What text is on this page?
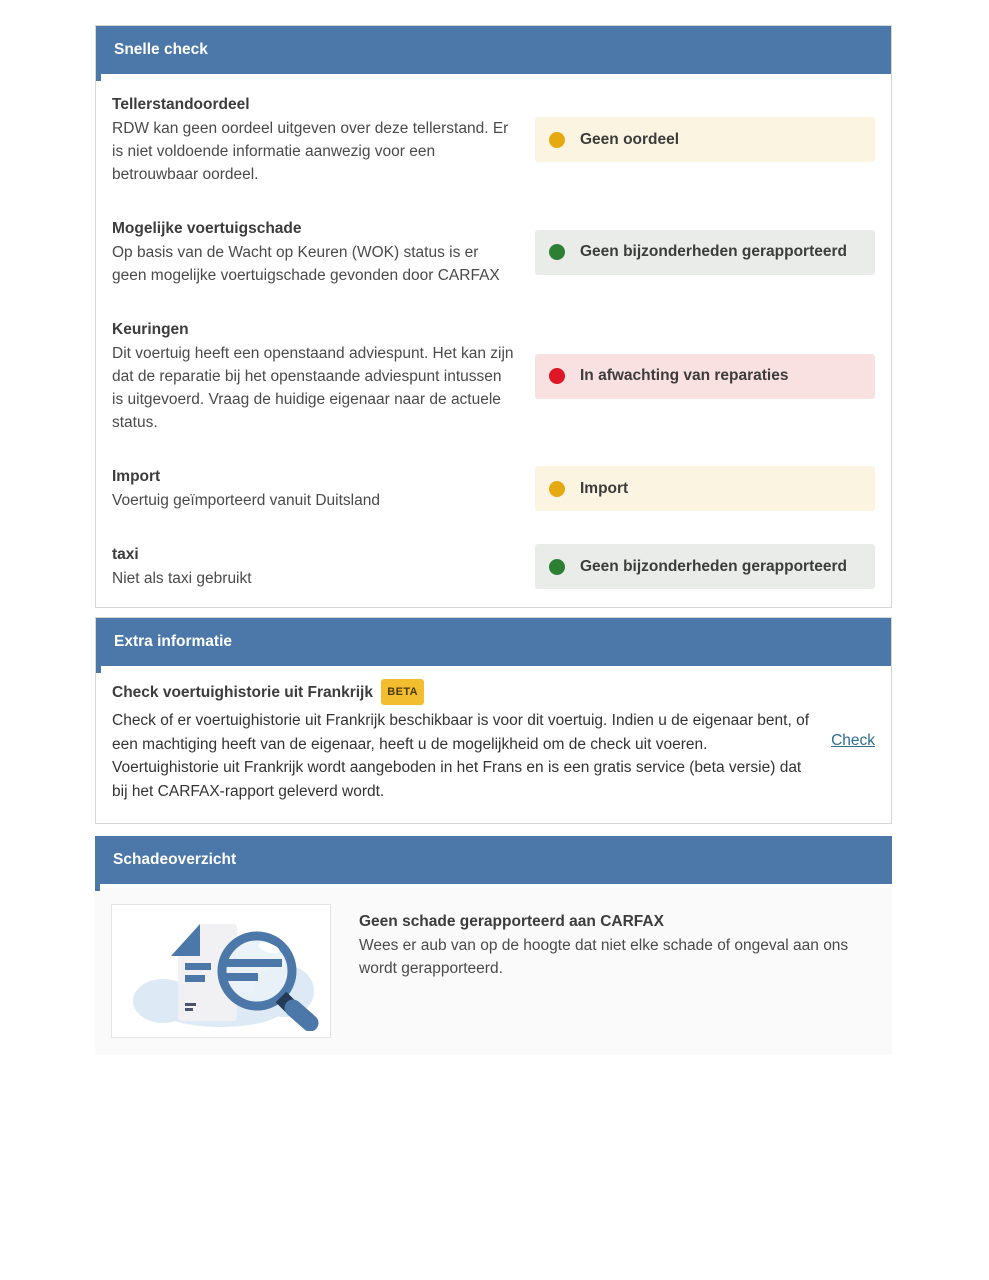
Snelle check
Tellerstandoordeel
RDW kan geen oordeel uitgeven over deze tellerstand. Er is niet voldoende informatie aanwezig voor een betrouwbaar oordeel.
Geen oordeel
Mogelijke voertuigschade
Op basis van de Wacht op Keuren (WOK) status is er geen mogelijke voertuigschade gevonden door CARFAX
Geen bijzonderheden gerapporteerd
Keuringen
Dit voertuig heeft een openstaand adviespunt. Het kan zijn dat de reparatie bij het openstaande adviespunt intussen is uitgevoerd. Vraag de huidige eigenaar naar de actuele status.
In afwachting van reparaties
Import
Voertuig geïmporteerd vanuit Duitsland
Import
taxi
Niet als taxi gebruikt
Geen bijzonderheden gerapporteerd
Extra informatie
Check voertuighistorie uit Frankrijk BETA
Check of er voertuighistorie uit Frankrijk beschikbaar is voor dit voertuig. Indien u de eigenaar bent, of een machtiging heeft van de eigenaar, heeft u de mogelijkheid om de check uit voeren. Voertuighistorie uit Frankrijk wordt aangeboden in het Frans en is een gratis service (beta versie) dat bij het CARFAX-rapport geleverd wordt.
Check
Schadeoverzicht
Geen schade gerapporteerd aan CARFAX
Wees er aub van op de hoogte dat niet elke schade of ongeval aan ons wordt gerapporteerd.
